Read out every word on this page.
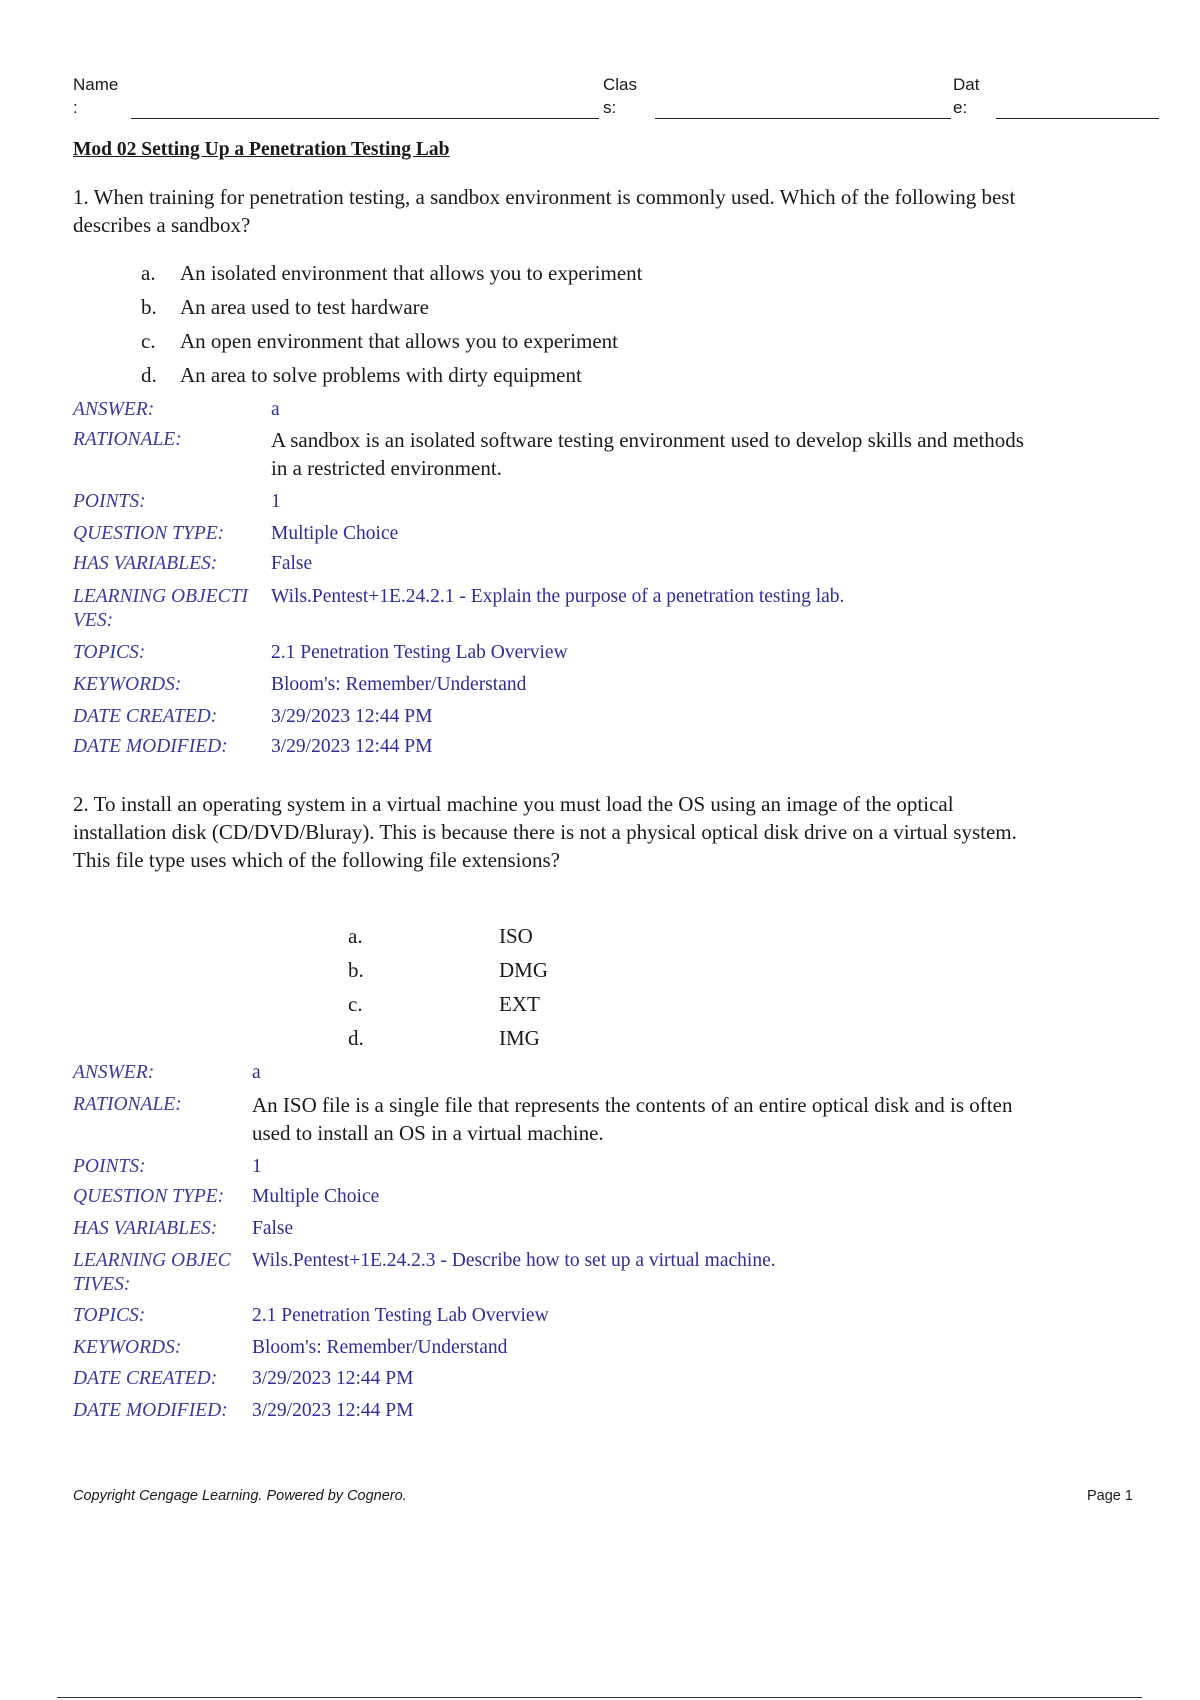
Name
:
Clas
s:
Dat
e:
Mod 02 Setting Up a Penetration Testing Lab
1. When training for penetration testing, a sandbox environment is commonly used. Which of the following best
describes a sandbox?
a. An isolated environment that allows you to experiment
b. An area used to test hardware
c. An open environment that allows you to experiment
d. An area to solve problems with dirty equipment
ANSWER:	a
RATIONALE:	A sandbox is an isolated software testing environment used to develop skills and methods
in a restricted environment.
POINTS:	1
QUESTION TYPE: Multiple Choice
HAS VARIABLES:	False
LEARNING OBJECTI
VES:
Wils.Pentest+1E.24.2.1 - Explain the purpose of a penetration testing lab.
TOPICS:	2.1 Penetration Testing Lab Overview
KEYWORDS:	Bloom's: Remember/Understand
DATE CREATED:	3/29/2023 12:44 PM
DATE MODIFIED: 3/29/2023 12:44 PM
2. To install an operating system in a virtual machine you must load the OS using an image of the optical
installation disk (CD/DVD/Bluray). This is because there is not a physical optical disk drive on a virtual system.
This file type uses which of the following file extensions?
a.	ISO
b.	DMG
c.	EXT
d.	IMG
ANSWER:	a
RATIONALE:	An ISO file is a single file that represents the contents of an entire optical disk and is often
used to install an OS in a virtual machine.
POINTS:	1
QUESTION TYPE: Multiple Choice
HAS VARIABLES: False
LEARNING OBJEC
TIVES:
Wils.Pentest+1E.24.2.3 - Describe how to set up a virtual machine.
TOPICS:	2.1 Penetration Testing Lab Overview
KEYWORDS:	Bloom's: Remember/Understand
DATE CREATED: 3/29/2023 12:44 PM
DATE MODIFIED: 3/29/2023 12:44 PM
Copyright Cengage Learning. Powered by Cognero.	Page 1
